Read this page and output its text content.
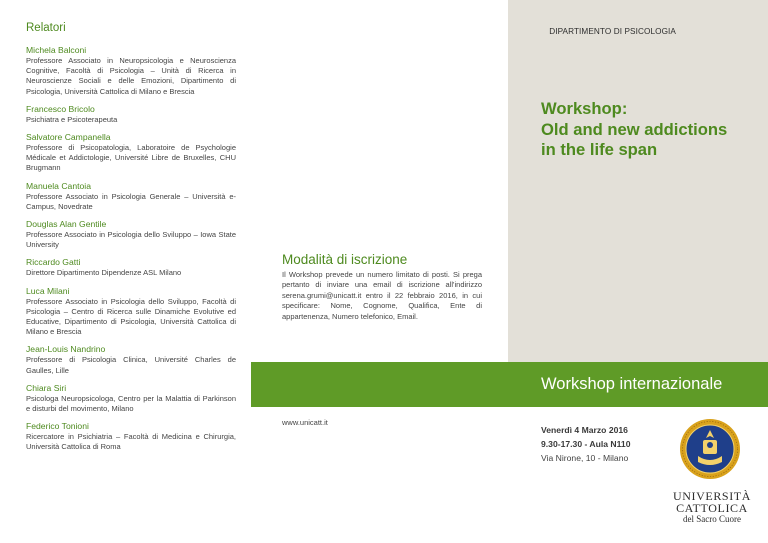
Relatori
Michela Balconi
Professore Associato in Neuropsicologia e Neuroscienza Cognitive, Facoltà di Psicologia – Unità di Ricerca in Neuroscienze Sociali e delle Emozioni, Dipartimento di Psicologia, Università Cattolica di Milano e Brescia
Francesco Bricolo
Psichiatra e Psicoterapeuta
Salvatore Campanella
Professore di Psicopatologia, Laboratoire de Psychologie Médicale et Addictologie, Université Libre de Bruxelles, CHU Brugmann
Manuela Cantoia
Professore Associato in Psicologia Generale – Università e-Campus, Novedrate
Douglas Alan Gentile
Professore Associato in Psicologia dello Sviluppo – Iowa State University
Riccardo Gatti
Direttore Dipartimento Dipendenze ASL Milano
Luca Milani
Professore Associato in Psicologia dello Sviluppo, Facoltà di Psicologia – Centro di Ricerca sulle Dinamiche Evolutive ed Educative, Dipartimento di Psicologia, Università Cattolica di Milano e Brescia
Jean-Louis Nandrino
Professore di Psicologia Clinica, Université Charles de Gaulles, Lille
Chiara Siri
Psicologa Neuropsicologa, Centro per la Malattia di Parkinson e disturbi del movimento, Milano
Federico Tonioni
Ricercatore in Psichiatria – Facoltà di Medicina e Chirurgia, Università Cattolica di Roma
Modalità di iscrizione
Il Workshop prevede un numero limitato di posti. Si prega pertanto di inviare una email di iscrizione all'indirizzo serena.grumi@unicatt.it entro il 22 febbraio 2016, in cui specificare: Nome, Cognome, Qualifica, Ente di appartenenza, Numero telefonico, Email.
www.unicatt.it
DIPARTIMENTO DI PSICOLOGIA
Workshop:
Old and new addictions
in the life span
Workshop internazionale
Venerdì 4 Marzo 2016
9.30-17.30 - Aula N110
Via Nirone, 10 - Milano
UNIVERSITÀ
CATTOLICA
del Sacro Cuore
